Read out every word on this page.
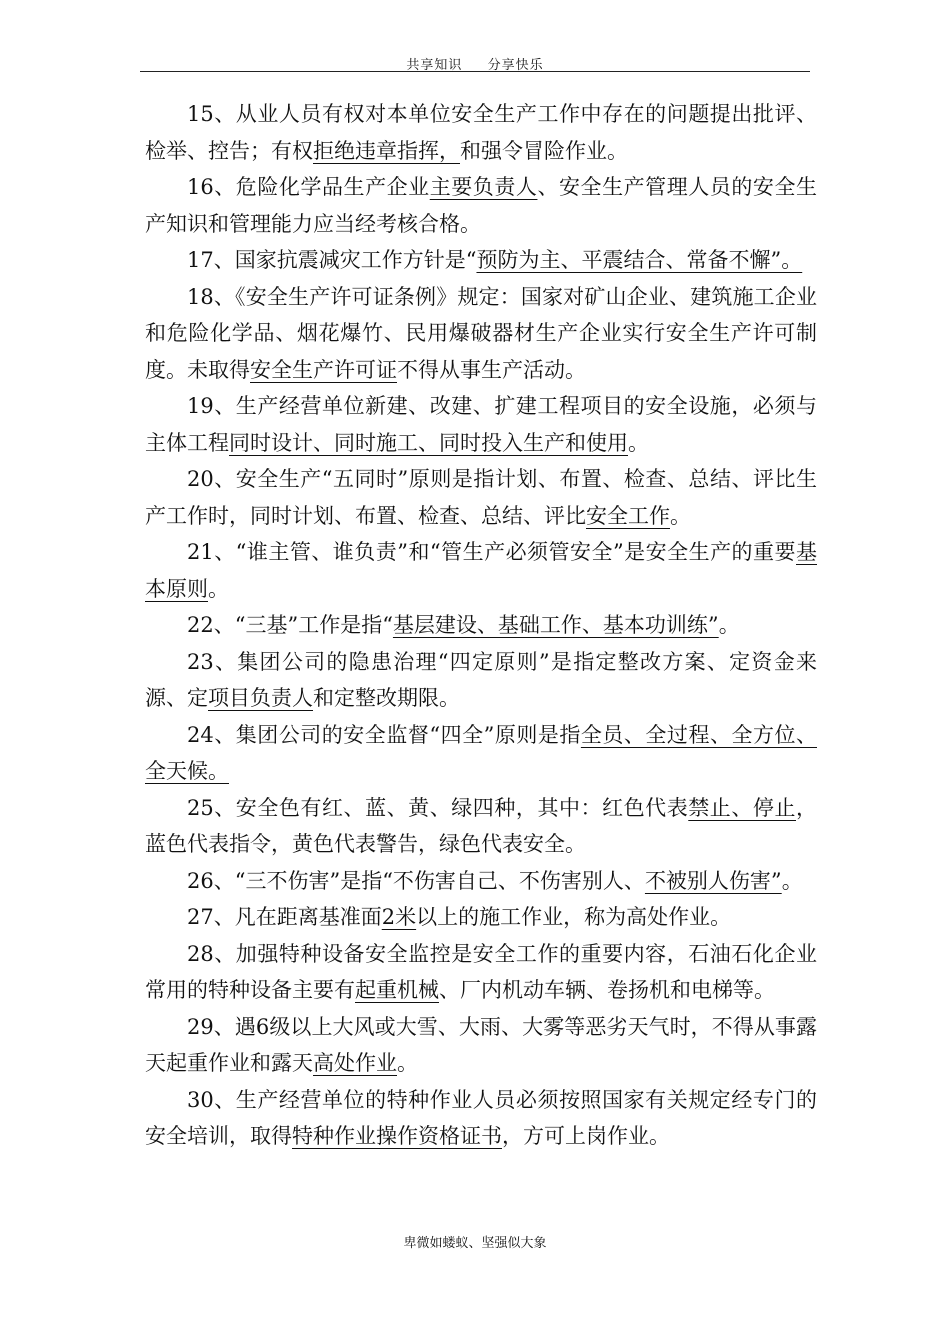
共享知识 分享快乐

15、从业人员有权对本单位安全生产工作中存在的问题提出批评、检举、控告；有权拒绝违章指挥，和强令冒险作业。

16、危险化学品生产企业主要负责人、安全生产管理人员的安全生产知识和管理能力应当经考核合格。

17、国家抗震减灾工作方针是“预防为主、平震结合、常备不懈”。

18、《安全生产许可证条例》规定：国家对矿山企业、建筑施工企业和危险化学品、烟花爆竹、民用爆破器材生产企业实行安全生产许可制度。未取得安全生产许可证不得从事生产活动。

19、生产经营单位新建、改建、扩建工程项目的安全设施，必须与主体工程同时设计、同时施工、同时投入生产和使用。

20、安全生产“五同时”原则是指计划、布置、检查、总结、评比生产工作时，同时计划、布置、检查、总结、评比安全工作。

21、“谁主管、谁负责”和“管生产必须管安全”是安全生产的重要基本原则。

22、“三基”工作是指“基层建设、基础工作、基本功训练”。

23、集团公司的隐患治理“四定原则”是指定整改方案、定资金来源、定项目负责人和定整改期限。

24、集团公司的安全监督“四全”原则是指全员、全过程、全方位、全天候。

25、安全色有红、蓝、黄、绿四种，其中：红色代表禁止、停止，蓝色代表指令，黄色代表警告，绿色代表安全。

26、“三不伤害”是指“不伤害自己、不伤害别人、不被别人伤害”。

27、凡在距离基准面2米以上的施工作业，称为高处作业。

28、加强特种设备安全监控是安全工作的重要内容，石油石化企业常用的特种设备主要有起重机械、厂内机动车辆、卷扬机和电梯等。

29、遇6级以上大风或大雪、大雨、大雾等恶劣天气时，不得从事露天起重作业和露天高处作业。

30、生产经营单位的特种作业人员必须按照国家有关规定经专门的安全培训，取得特种作业操作资格证书，方可上岗作业。

卑微如蝼蚁、坚强似大象
